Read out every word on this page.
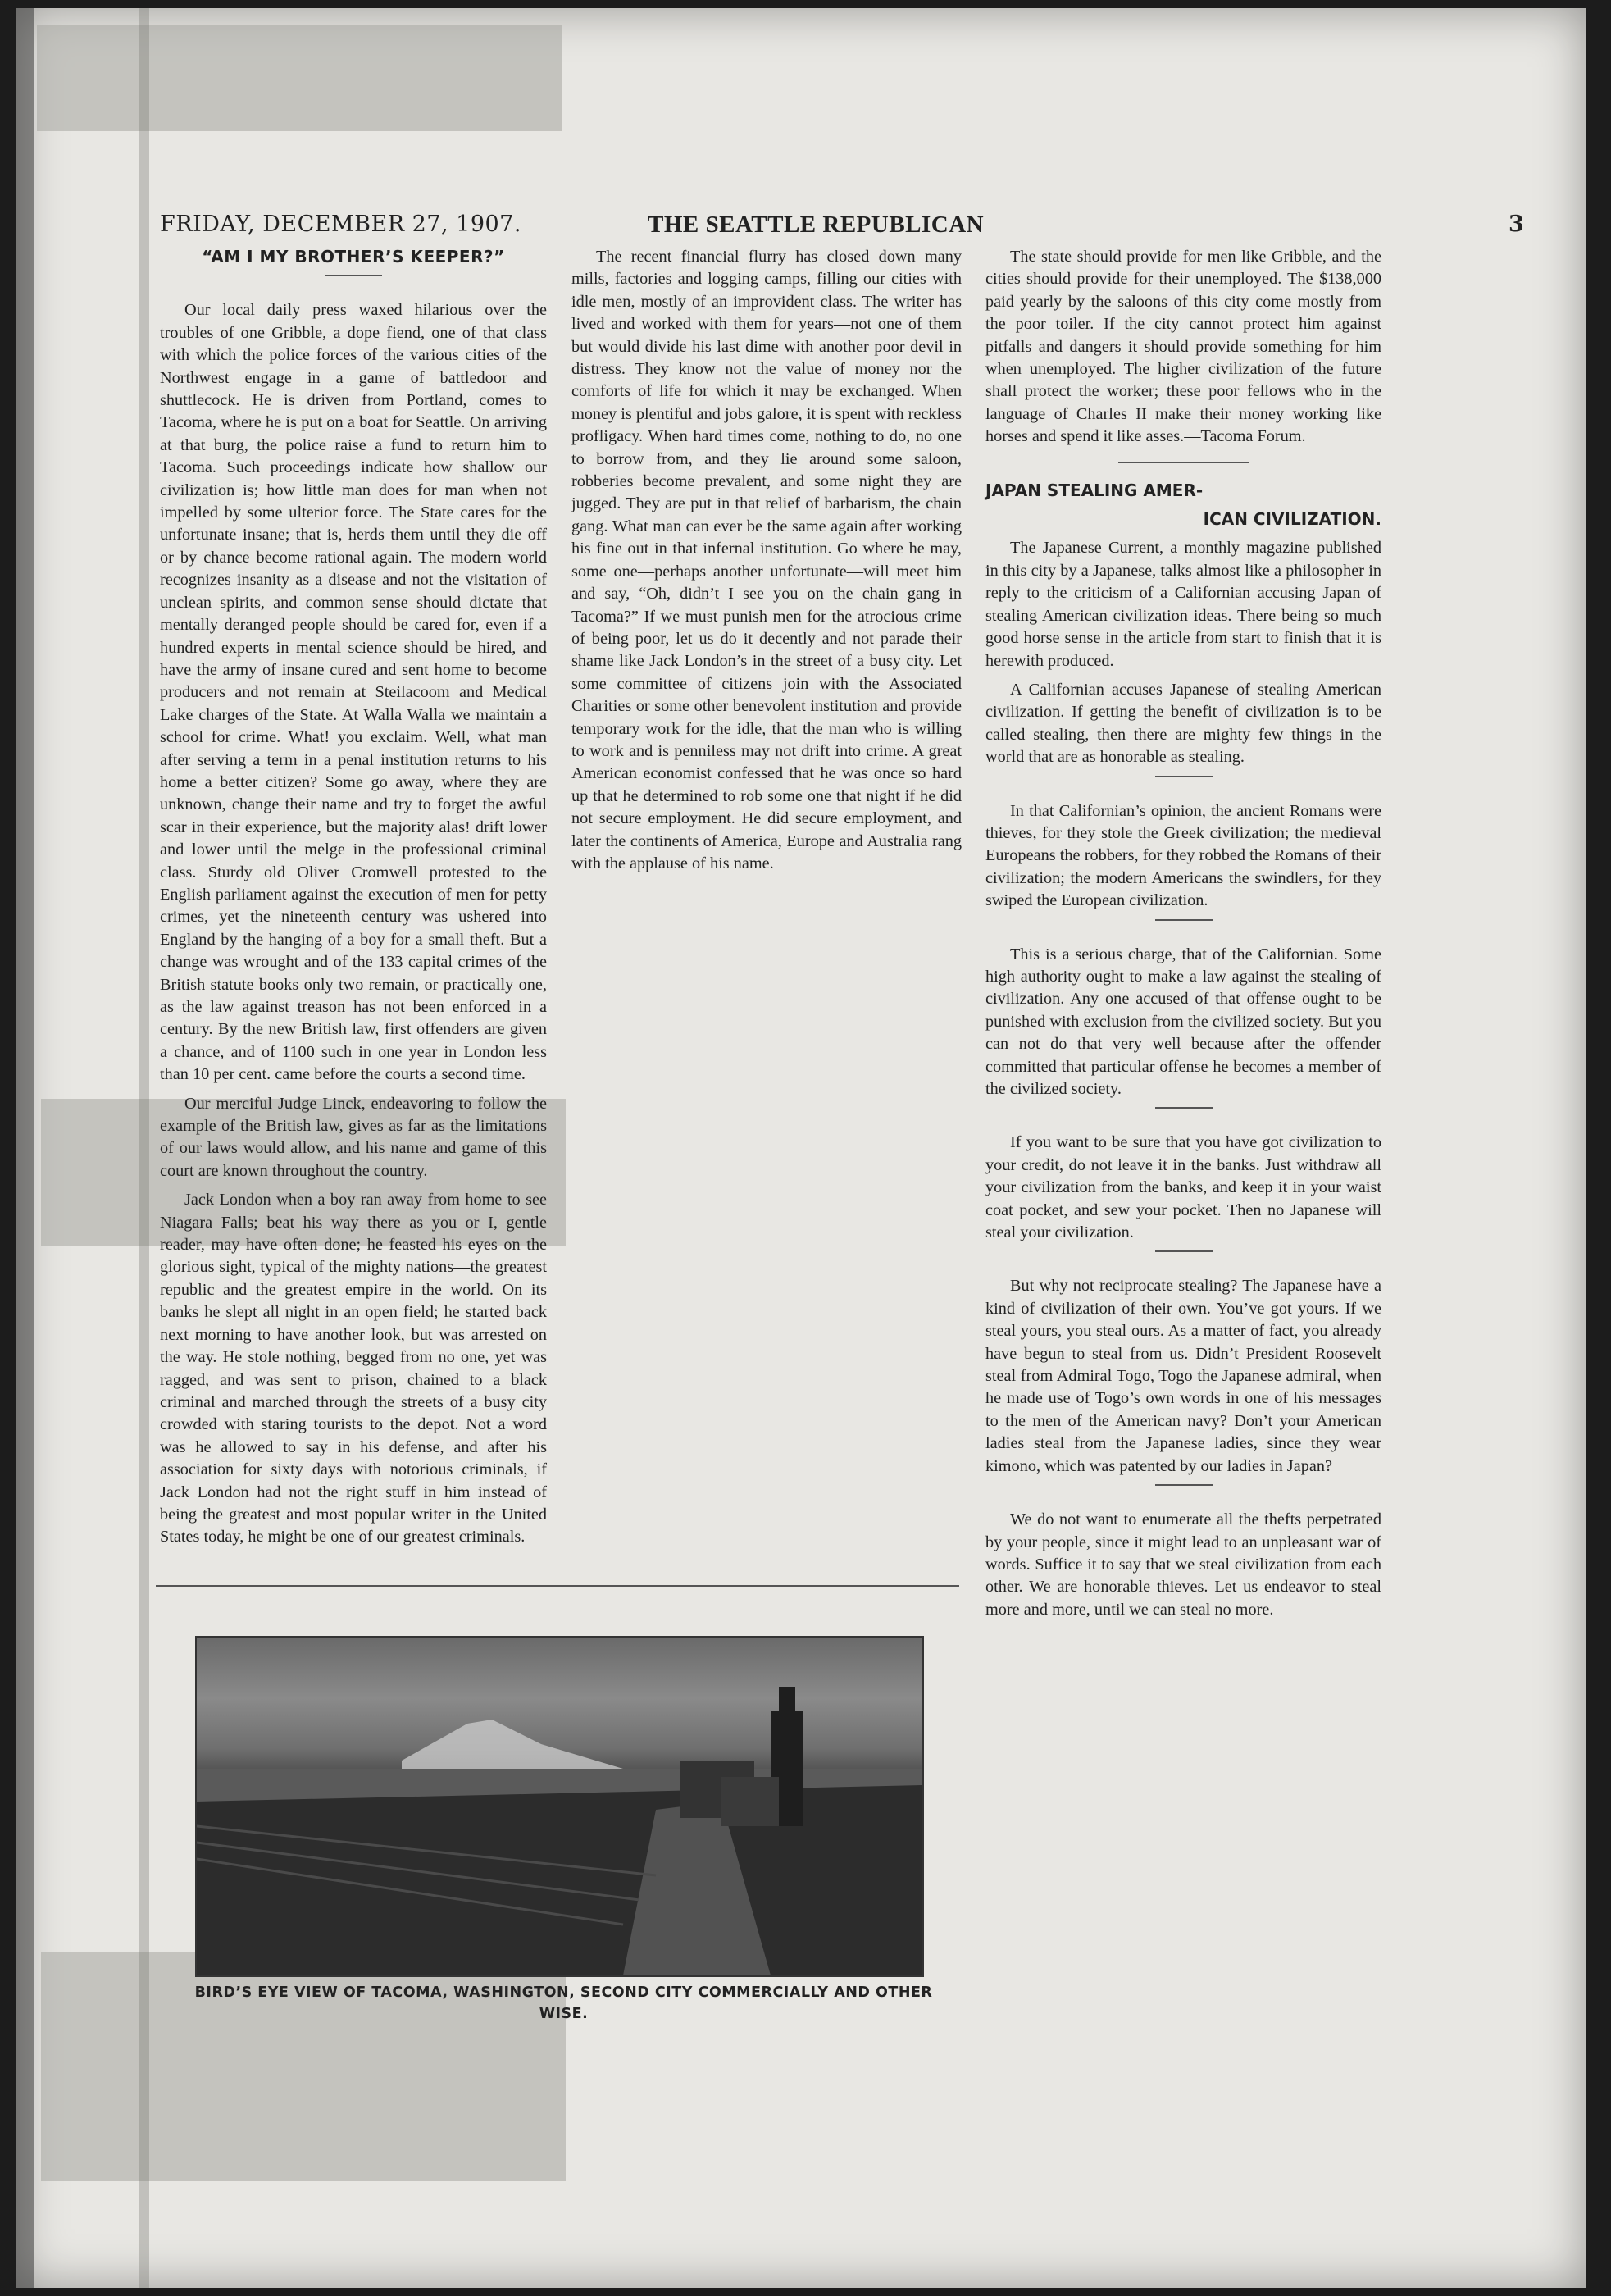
FRIDAY, DECEMBER 27, 1907.	THE SEATTLE REPUBLICAN	3

“AM I MY BROTHER’S KEEPER?”

Our local daily press waxed hilarious over the troubles of one Gribble, a dope fiend, one of that class with which the police forces of the various cities of the Northwest engage in a game of battledoor and shuttlecock. He is driven from Portland, comes to Tacoma, where he is put on a boat for Seattle. On arriving at that burg, the police raise a fund to return him to Tacoma. Such proceedings indicate how shallow our civilization is; how little man does for man when not impelled by some ulterior force. The State cares for the unfortunate insane; that is, herds them until they die off or by chance become rational again. The modern world recognizes insanity as a disease and not the visitation of unclean spirits, and common sense should dictate that mentally deranged people should be cared for, even if a hundred experts in mental science should be hired, and have the army of insane cured and sent home to become producers and not remain at Steilacoom and Medical Lake charges of the State. At Walla Walla we maintain a school for crime. What! you exclaim. Well, what man after serving a term in a penal institution returns to his home a better citizen? Some go away, where they are unknown, change their name and try to forget the awful scar in their experience, but the majority alas! drift lower and lower until the melge in the professional criminal class. Sturdy old Oliver Cromwell protested to the English parliament against the execution of men for petty crimes, yet the nineteenth century was ushered into England by the hanging of a boy for a small theft. But a change was wrought and of the 133 capital crimes of the British statute books only two remain, or practically one, as the law against treason has not been enforced in a century. By the new British law, first offenders are given a chance, and of 1100 such in one year in London less than 10 per cent. came before the courts a second time.

Our merciful Judge Linck, endeavoring to follow the example of the British law, gives as far as the limitations of our laws would allow, and his name and game of this court are known throughout the country.

Jack London when a boy ran away from home to see Niagara Falls; beat his way there as you or I, gentle reader, may have often done; he feasted his eyes on the glorious sight, typical of the mighty nations—the greatest republic and the greatest empire in the world. On its banks he slept all night in an open field; he started back next morning to have another look, but was arrested on the way. He stole nothing, begged from no one, yet was ragged, and was sent to prison, chained to a black criminal and marched through the streets of a busy city crowded with staring tourists to the depot. Not a word was he allowed to say in his defense, and after his association for sixty days with notorious criminals, if Jack London had not the right stuff in him instead of being the greatest and most popular writer in the United States today, he might be one of our greatest criminals.

The recent financial flurry has closed down many mills, factories and logging camps, filling our cities with idle men, mostly of an improvident class. The writer has lived and worked with them for years—not one of them but would divide his last dime with another poor devil in distress. They know not the value of money nor the comforts of life for which it may be exchanged. When money is plentiful and jobs galore, it is spent with reckless profligacy. When hard times come, nothing to do, no one to borrow from, and they lie around some saloon, robberies become prevalent, and some night they are jugged. They are put in that relief of barbarism, the chain gang. What man can ever be the same again after working his fine out in that infernal institution. Go where he may, some one—perhaps another unfortunate—will meet him and say, “Oh, didn’t I see you on the chain gang in Tacoma?” If we must punish men for the atrocious crime of being poor, let us do it decently and not parade their shame like Jack London’s in the street of a busy city. Let some committee of citizens join with the Associated Charities or some other benevolent institution and provide temporary work for the idle, that the man who is willing to work and is penniless may not drift into crime. A great American economist confessed that he was once so hard up that he determined to rob some one that night if he did not secure employment. He did secure employment, and later the continents of America, Europe and Australia rang with the applause of his name.

The state should provide for men like Gribble, and the cities should provide for their unemployed. The $138,000 paid yearly by the saloons of this city come mostly from the poor toiler. If the city cannot protect him against pitfalls and dangers it should provide something for him when unemployed. The higher civilization of the future shall protect the worker; these poor fellows who in the language of Charles II make their money working like horses and spend it like asses.—Tacoma Forum.

JAPAN STEALING AMER-

ICAN CIVILIZATION.

The Japanese Current, a monthly magazine published in this city by a Japanese, talks almost like a philosopher in reply to the criticism of a Californian accusing Japan of stealing American civilization ideas. There being so much good horse sense in the article from start to finish that it is herewith produced.

A Californian accuses Japanese of stealing American civilization. If getting the benefit of civilization is to be called stealing, then there are mighty few things in the world that are as honorable as stealing.

In that Californian’s opinion, the ancient Romans were thieves, for they stole the Greek civilization; the medieval Europeans the robbers, for they robbed the Romans of their civilization; the modern Americans the swindlers, for they swiped the European civilization.

This is a serious charge, that of the Californian. Some high authority ought to make a law against the stealing of civilization. Any one accused of that offense ought to be punished with exclusion from the civilized society. But you can not do that very well because after the offender committed that particular offense he becomes a member of the civilized society.

If you want to be sure that you have got civilization to your credit, do not leave it in the banks. Just withdraw all your civilization from the banks, and keep it in your waist coat pocket, and sew your pocket. Then no Japanese will steal your civilization.

But why not reciprocate stealing? The Japanese have a kind of civilization of their own. You’ve got yours. If we steal yours, you steal ours. As a matter of fact, you already have begun to steal from us. Didn’t President Roosevelt steal from Admiral Togo, Togo the Japanese admiral, when he made use of Togo’s own words in one of his messages to the men of the American navy? Don’t your American ladies steal from the Japanese ladies, since they wear kimono, which was patented by our ladies in Japan?

We do not want to enumerate all the thefts perpetrated by your people, since it might lead to an unpleasant war of words. Suffice it to say that we steal civilization from each other. We are honorable thieves. Let us endeavor to steal more and more, until we can steal no more.

BIRD’S EYE VIEW OF TACOMA, WASHINGTON, SECOND CITY COMMERCIALLY AND OTHER WISE.
